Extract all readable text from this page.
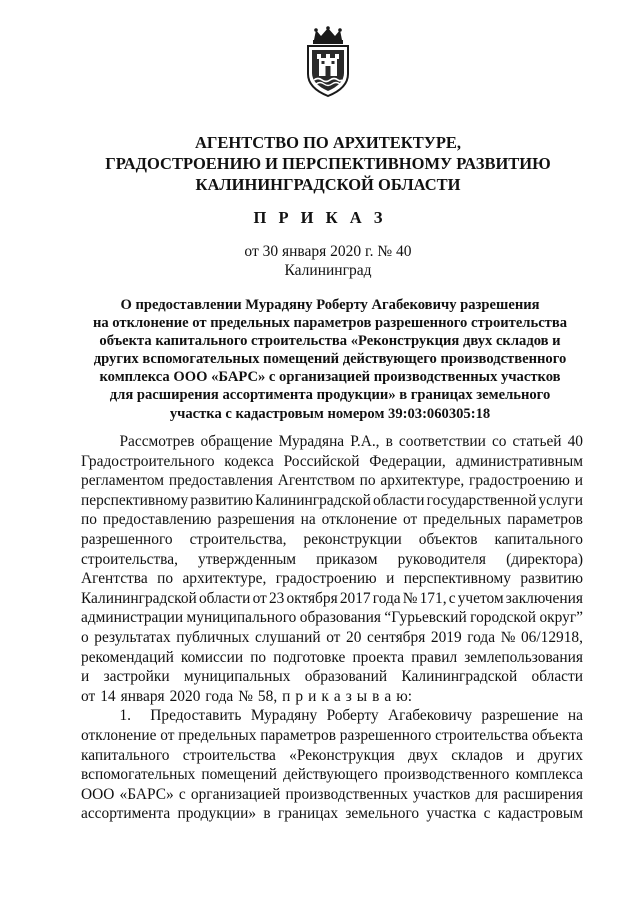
АГЕНТСТВО ПО АРХИТЕКТУРЕ,
ГРАДОСТРОЕНИЮ И ПЕРСПЕКТИВНОМУ РАЗВИТИЮ
КАЛИНИНГРАДСКОЙ ОБЛАСТИ
П Р И К А З
от 30 января 2020 г. № 40
Калининград
О предоставлении Мурадяну Роберту Агабековичу разрешения
на отклонение от предельных параметров разрешенного строительства
объекта капитального строительства «Реконструкция двух складов и
других вспомогательных помещений действующего производственного
комплекса ООО «БАРС» с организацией производственных участков
для расширения ассортимента продукции» в границах земельного
участка с кадастровым номером 39:03:060305:18
Рассмотрев обращение Мурадяна Р.А., в соответствии со статьей 40
Градостроительного кодекса Российской Федерации, административным
регламентом предоставления Агентством по архитектуре, градостроению и
перспективному развитию Калининградской области государственной услуги
по предоставлению разрешения на отклонение от предельных параметров
разрешенного строительства, реконструкции объектов капитального
строительства, утвержденным приказом руководителя (директора)
Агентства по архитектуре, градостроению и перспективному развитию
Калининградской области от 23 октября 2017 года № 171, с учетом заключения
администрации муниципального образования “Гурьевский городской округ”
о результатах публичных слушаний от 20 сентября 2019 года № 06/12918,
рекомендаций комиссии по подготовке проекта правил землепользования
и застройки муниципальных образований Калининградской области
от 14 января 2020 года № 58, п р и к а з ы в а ю:
1.     Предоставить Мурадяну Роберту Агабековичу разрешение на
отклонение от предельных параметров разрешенного строительства объекта
капитального строительства «Реконструкция двух складов и других
вспомогательных помещений действующего производственного комплекса
ООО «БАРС» с организацией производственных участков для расширения
ассортимента продукции» в границах земельного участка с кадастровым
